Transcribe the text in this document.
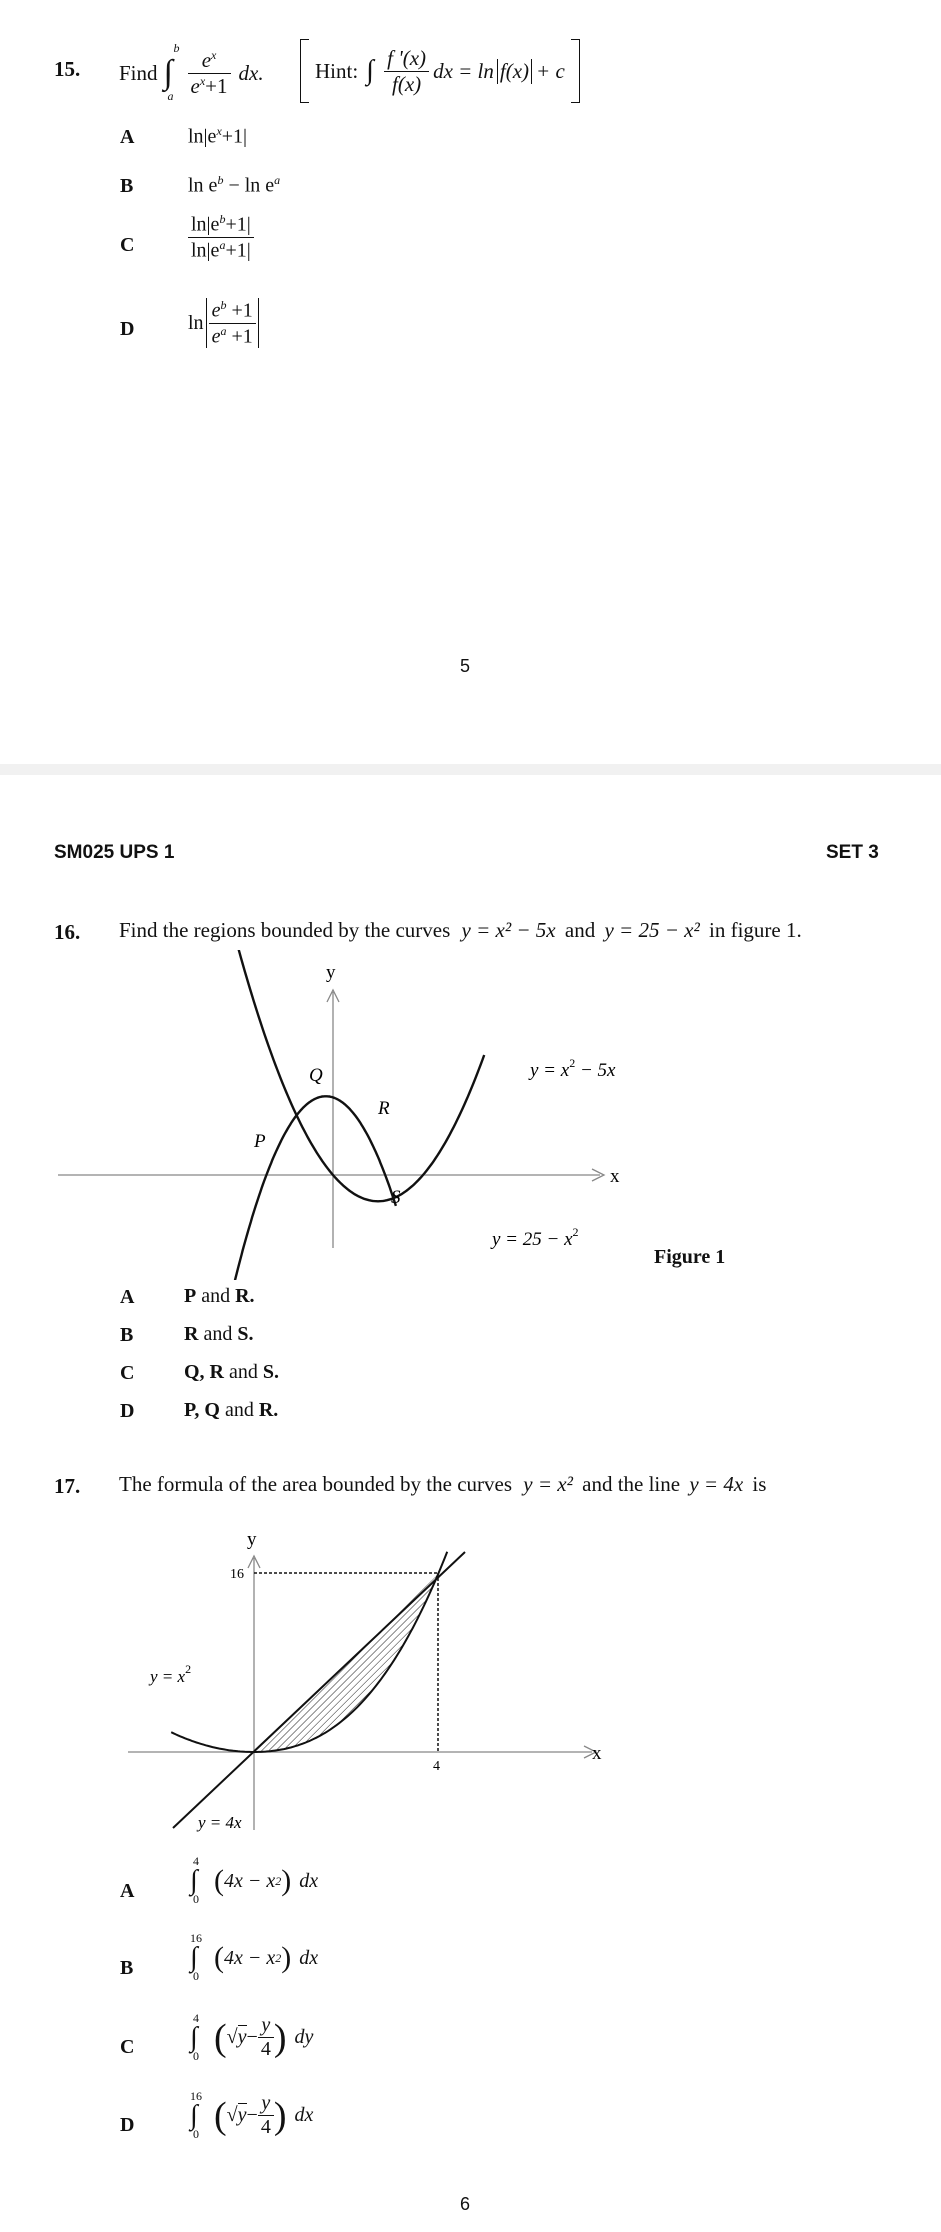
15. Find ∫
b
a $\frac{e^x}{e^x+1}$ dx. Hint: ∫ $\frac{f '(x)}{f(x)}$ dx = ln f(x) + c
A	$\ln|e^x+1|$
B	$\ln e^b - \ln e^a$
C	$\frac{\ln|e^b+1|}{\ln|e^a+1|}$
D	$\ln \frac{e^b +1}{e^a +1}$
5
SM025 UPS 1	SET 3
16. Find the regions bounded by the curves y = x² − 5x and y = 25 − x² in figure 1.
y
x
P
Q
R
S
$y = x^2 - 5x$
$y = 25 - x^2$
Figure 1
A P and R.
B	R and S.
C Q, R and S.
D P, Q and R.
17. The formula of the area bounded by the curves y = x² and the line y = 4x is
y
x
16
4
$y = x^2$
y = 4x
A ∫
4
0
( 4x − x 2 ) dx
B ∫
16
0
( 4x − x 2 ) dx
C ∫
4
0 ( $√y - \frac{y}{4}$ ) dy
D ∫
16
0 ( $√y - \frac{y}{4}$ ) dx
6
